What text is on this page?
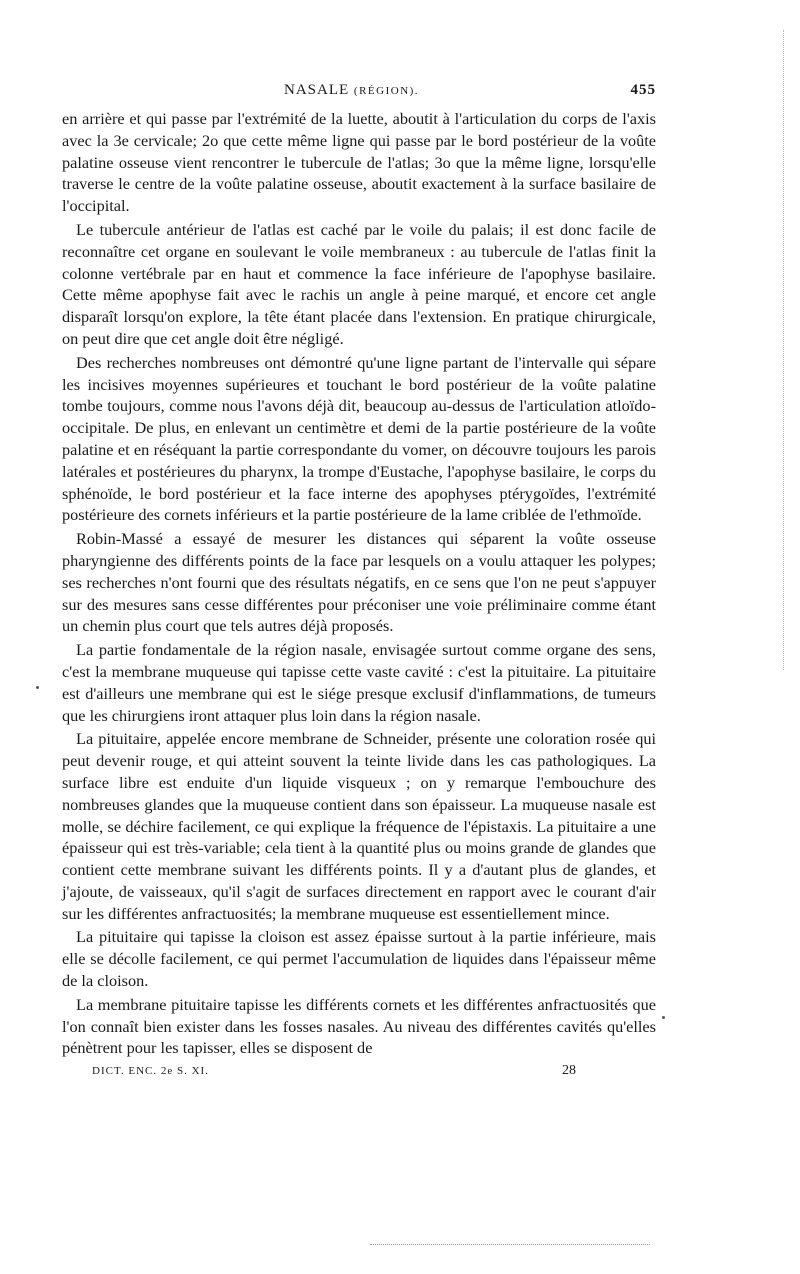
NASALE (RÉGION).	455

en arrière et qui passe par l'extrémité de la luette, aboutit à l'articulation du corps de l'axis avec la 3e cervicale; 2o que cette même ligne qui passe par le bord postérieur de la voûte palatine osseuse vient rencontrer le tubercule de l'atlas; 3o que la même ligne, lorsqu'elle traverse le centre de la voûte palatine osseuse, aboutit exactement à la surface basilaire de l'occipital.

Le tubercule antérieur de l'atlas est caché par le voile du palais; il est donc facile de reconnaître cet organe en soulevant le voile membraneux : au tubercule de l'atlas finit la colonne vertébrale par en haut et commence la face inférieure de l'apophyse basilaire. Cette même apophyse fait avec le rachis un angle à peine marqué, et encore cet angle disparaît lorsqu'on explore, la tête étant placée dans l'extension. En pratique chirurgicale, on peut dire que cet angle doit être négligé.

Des recherches nombreuses ont démontré qu'une ligne partant de l'intervalle qui sépare les incisives moyennes supérieures et touchant le bord postérieur de la voûte palatine tombe toujours, comme nous l'avons déjà dit, beaucoup au-dessus de l'articulation atloïdo-occipitale. De plus, en enlevant un centimètre et demi de la partie postérieure de la voûte palatine et en réséquant la partie correspondante du vomer, on découvre toujours les parois latérales et postérieures du pharynx, la trompe d'Eustache, l'apophyse basilaire, le corps du sphénoïde, le bord postérieur et la face interne des apophyses ptérygoïdes, l'extrémité postérieure des cornets inférieurs et la partie postérieure de la lame criblée de l'ethmoïde.

Robin-Massé a essayé de mesurer les distances qui séparent la voûte osseuse pharyngienne des différents points de la face par lesquels on a voulu attaquer les polypes; ses recherches n'ont fourni que des résultats négatifs, en ce sens que l'on ne peut s'appuyer sur des mesures sans cesse différentes pour préconiser une voie préliminaire comme étant un chemin plus court que tels autres déjà proposés.

La partie fondamentale de la région nasale, envisagée surtout comme organe des sens, c'est la membrane muqueuse qui tapisse cette vaste cavité : c'est la pituitaire. La pituitaire est d'ailleurs une membrane qui est le siége presque exclusif d'inflammations, de tumeurs que les chirurgiens iront attaquer plus loin dans la région nasale.

La pituitaire, appelée encore membrane de Schneider, présente une coloration rosée qui peut devenir rouge, et qui atteint souvent la teinte livide dans les cas pathologiques. La surface libre est enduite d'un liquide visqueux ; on y remarque l'embouchure des nombreuses glandes que la muqueuse contient dans son épaisseur. La muqueuse nasale est molle, se déchire facilement, ce qui explique la fréquence de l'épistaxis. La pituitaire a une épaisseur qui est très-variable; cela tient à la quantité plus ou moins grande de glandes que contient cette membrane suivant les différents points. Il y a d'autant plus de glandes, et j'ajoute, de vaisseaux, qu'il s'agit de surfaces directement en rapport avec le courant d'air sur les différentes anfractuosités; la membrane muqueuse est essentiellement mince.

La pituitaire qui tapisse la cloison est assez épaisse surtout à la partie inférieure, mais elle se décolle facilement, ce qui permet l'accumulation de liquides dans l'épaisseur même de la cloison.

La membrane pituitaire tapisse les différents cornets et les différentes anfractuosités que l'on connaît bien exister dans les fosses nasales. Au niveau des différentes cavités qu'elles pénètrent pour les tapisser, elles se disposent de

DICT. ENC. 2e S. XI.	28
